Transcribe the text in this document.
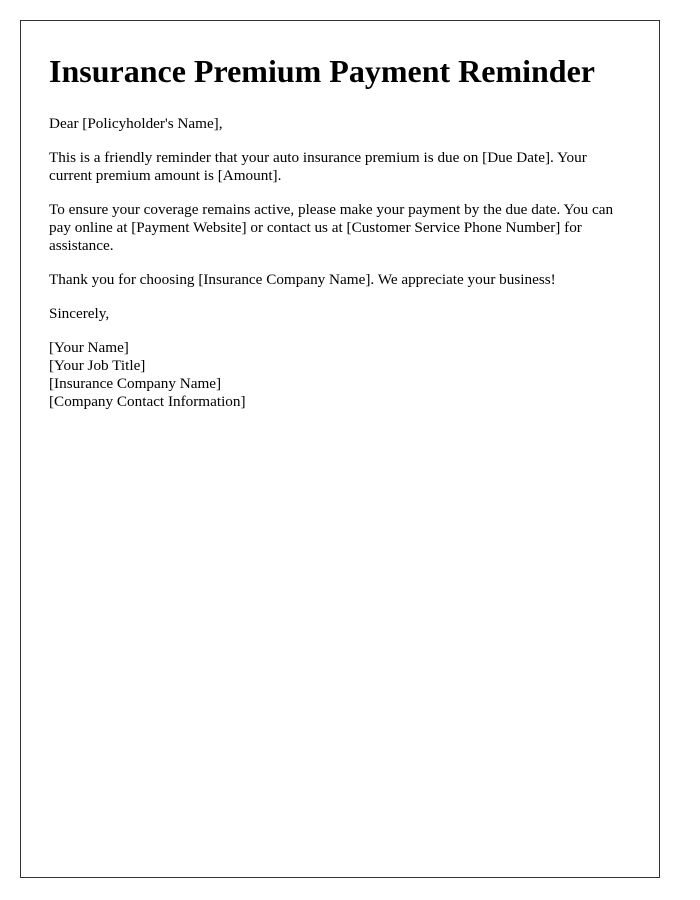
Insurance Premium Payment Reminder

Dear [Policyholder's Name],

This is a friendly reminder that your auto insurance premium is due on [Due Date]. Your current premium amount is [Amount].

To ensure your coverage remains active, please make your payment by the due date. You can pay online at [Payment Website] or contact us at [Customer Service Phone Number] for assistance.

Thank you for choosing [Insurance Company Name]. We appreciate your business!

Sincerely,

[Your Name]
[Your Job Title]
[Insurance Company Name]
[Company Contact Information]
